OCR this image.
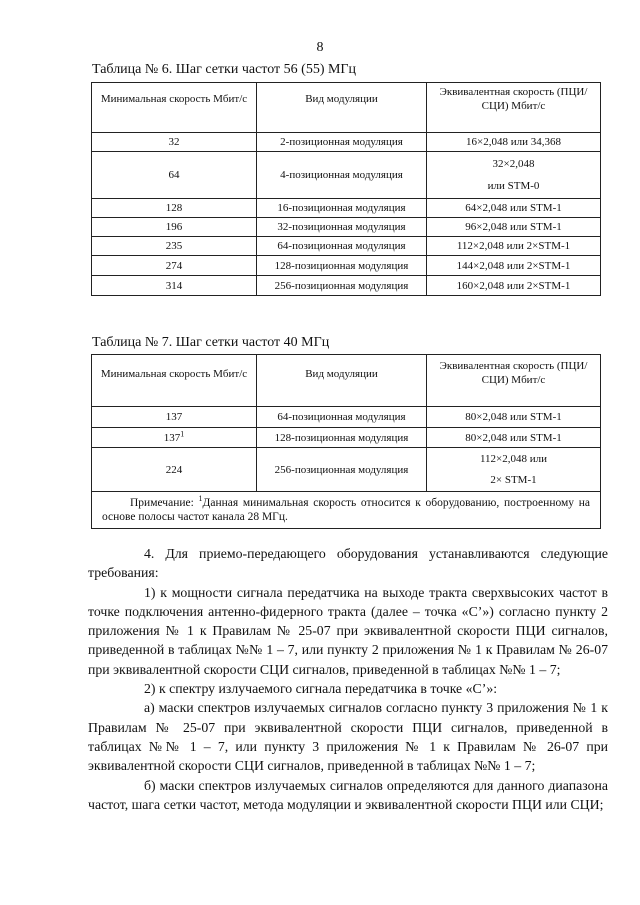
8
Таблица № 6. Шаг сетки частот 56 (55) МГц
Минимальная скорость Мбит/с	Вид модуляции	Эквивалентная скорость (ПЦИ/СЦИ) Мбит/с
32	2-позиционная модуляция	16×2,048 или 34,368
64	4-позиционная модуляция	32×2,048
или STM-0

128	16-позиционная модуляция	64×2,048 или STM-1
196	32-позиционная модуляция	96×2,048 или STM-1
235	64-позиционная модуляция	112×2,048 или 2×STM-1
274	128-позиционная модуляция	144×2,048 или 2×STM-1
314	256-позиционная модуляция	160×2,048 или 2×STM-1
Таблица № 7. Шаг сетки частот 40 МГц
Минимальная скорость Мбит/с	Вид модуляции	Эквивалентная скорость (ПЦИ/СЦИ) Мбит/с
137	64-позиционная модуляция	80×2,048 или STM-1
$137^1$	128-позиционная модуляция	80×2,048 или STM-1
224	256-позиционная модуляция	112×2,048 или
2× STM-1

Примечание: $^1$Данная минимальная скорость относится к оборудованию, построенному на основе полосы частот канала 28 МГц.		

4. Для приемо-передающего оборудования устанавливаются следующие требования:

1) к мощности сигнала передатчика на выходе тракта сверхвысоких частот в точке подключения антенно-фидерного тракта (далее – точка «С’») согласно пункту 2 приложения № 1 к Правилам № 25-07 при эквивалентной скорости ПЦИ сигналов, приведенной в таблицах №№ 1 – 7, или пункту 2 приложения № 1 к Правилам № 26-07 при эквивалентной скорости СЦИ сигналов, приведенной в таблицах №№ 1 – 7;

2) к спектру излучаемого сигнала передатчика в точке «С’»:

а) маски спектров излучаемых сигналов согласно пункту 3 приложения № 1 к Правилам № 25-07 при эквивалентной скорости ПЦИ сигналов, приведенной в таблицах №№ 1 – 7, или пункту 3 приложения № 1 к Правилам № 26-07 при эквивалентной скорости СЦИ сигналов, приведенной в таблицах №№ 1 – 7;

б) маски спектров излучаемых сигналов определяются для данного диапазона частот, шага сетки частот, метода модуляции и эквивалентной скорости ПЦИ или СЦИ;
